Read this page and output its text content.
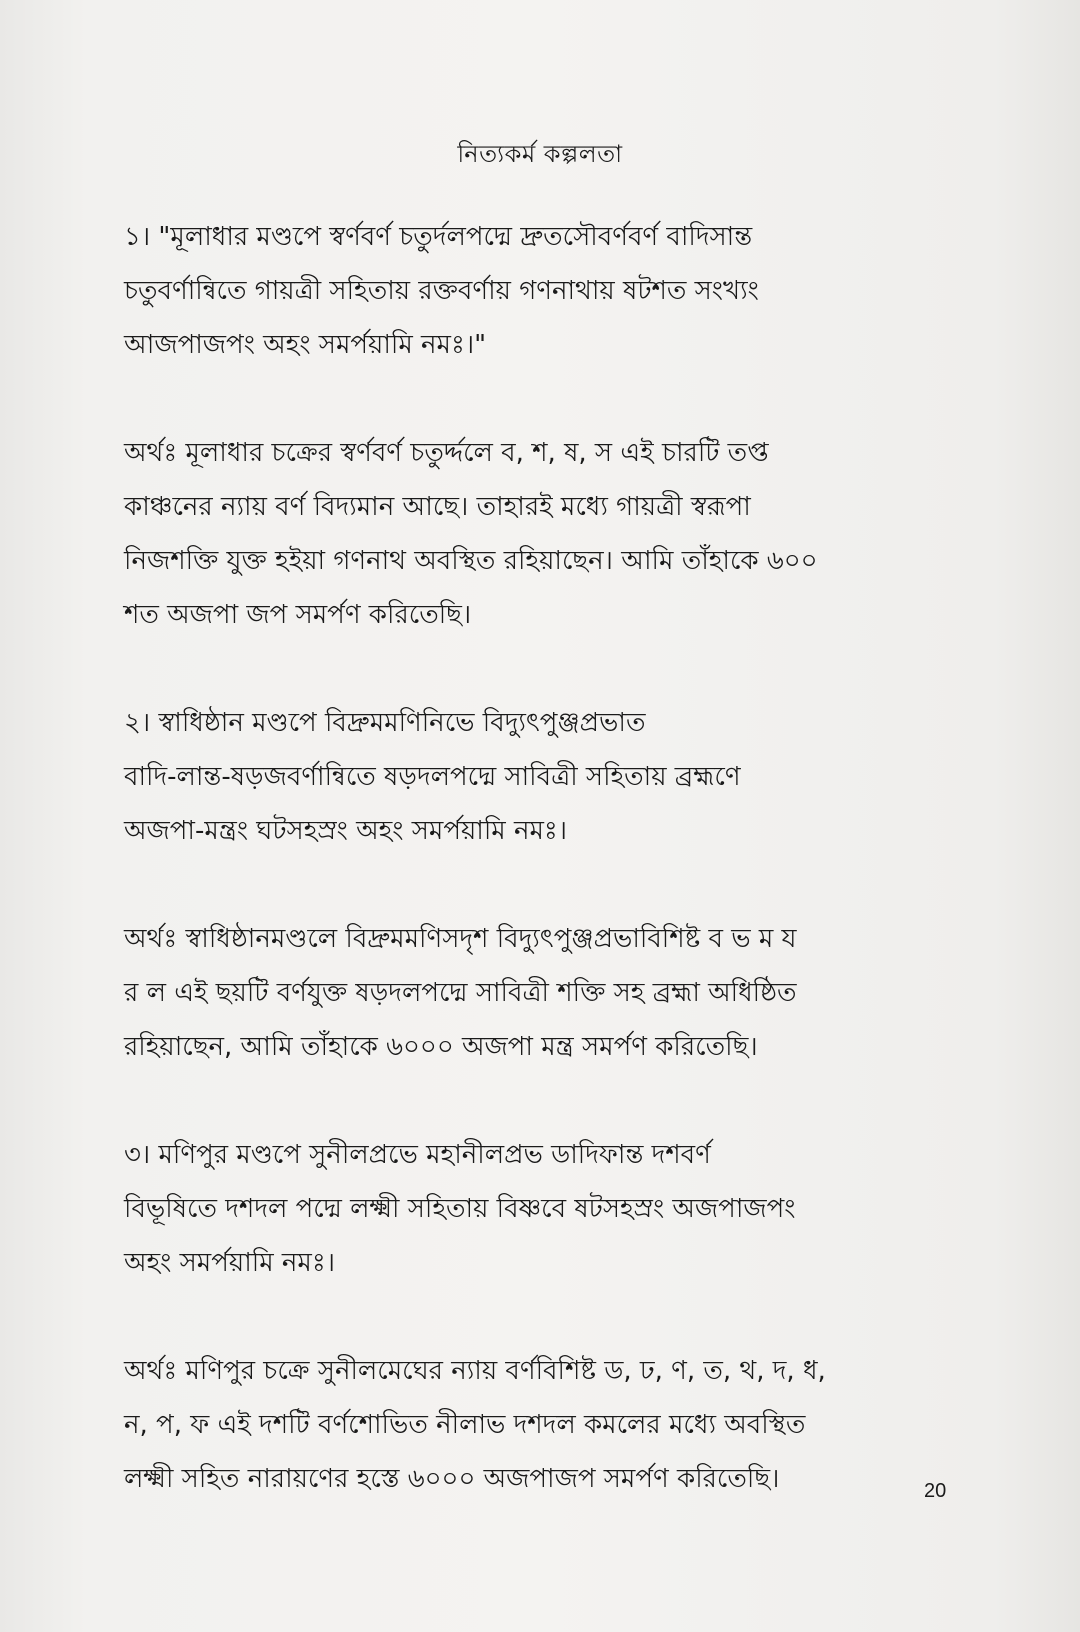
নিত্যকর্ম কল্পলতা
১। "মূলাধার মণ্ডপে স্বর্ণবর্ণ চতুর্দলপদ্মে দ্রুতসৌবর্ণবর্ণ বাদিসান্ত
চতুবর্ণান্বিতে গায়ত্রী সহিতায় রক্তবর্ণায় গণনাথায় ষটশত সংখ্যং
আজপাজপং অহং সমর্পয়ামি নমঃ।"
অর্থঃ মূলাধার চক্রের স্বর্ণবর্ণ চতুর্দ্দলে ব, শ, ষ, স এই চারটি তপ্ত
কাঞ্চনের ন্যায় বর্ণ বিদ্যমান আছে। তাহারই মধ্যে গায়ত্রী স্বরূপা
নিজশক্তি যুক্ত হইয়া গণনাথ অবস্থিত রহিয়াছেন। আমি তাঁহাকে ৬০০
শত অজপা জপ সমর্পণ করিতেছি।
২। স্বাধিষ্ঠান মণ্ডপে বিদ্রুমমণিনিভে বিদ্যুৎপুঞ্জপ্রভাত
বাদি-লান্ত-ষড়জবর্ণান্বিতে ষড়দলপদ্মে সাবিত্রী সহিতায় ব্রহ্মণে
অজপা-মন্ত্রং ঘটসহস্রং অহং সমর্পয়ামি নমঃ।
অর্থঃ স্বাধিষ্ঠানমণ্ডলে বিদ্রুমমণিসদৃশ বিদ্যুৎপুঞ্জপ্রভাবিশিষ্ট ব ভ ম য
র ল এই ছয়টি বর্ণযুক্ত ষড়দলপদ্মে সাবিত্রী শক্তি সহ ব্রহ্মা অধিষ্ঠিত
রহিয়াছেন, আমি তাঁহাকে ৬০০০ অজপা মন্ত্র সমর্পণ করিতেছি।
৩। মণিপুর মণ্ডপে সুনীলপ্রভে মহানীলপ্রভ ডাদিফান্ত দশবর্ণ
বিভূষিতে দশদল পদ্মে লক্ষ্মী সহিতায় বিষ্ণবে ষটসহস্রং অজপাজপং
অহং সমর্পয়ামি নমঃ।
অর্থঃ মণিপুর চক্রে সুনীলমেঘের ন্যায় বর্ণবিশিষ্ট ড, ঢ, ণ, ত, থ, দ, ধ,
ন, প, ফ এই দশটি বর্ণশোভিত নীলাভ দশদল কমলের মধ্যে অবস্থিত
লক্ষ্মী সহিত নারায়ণের হস্তে ৬০০০ অজপাজপ সমর্পণ করিতেছি।	20
